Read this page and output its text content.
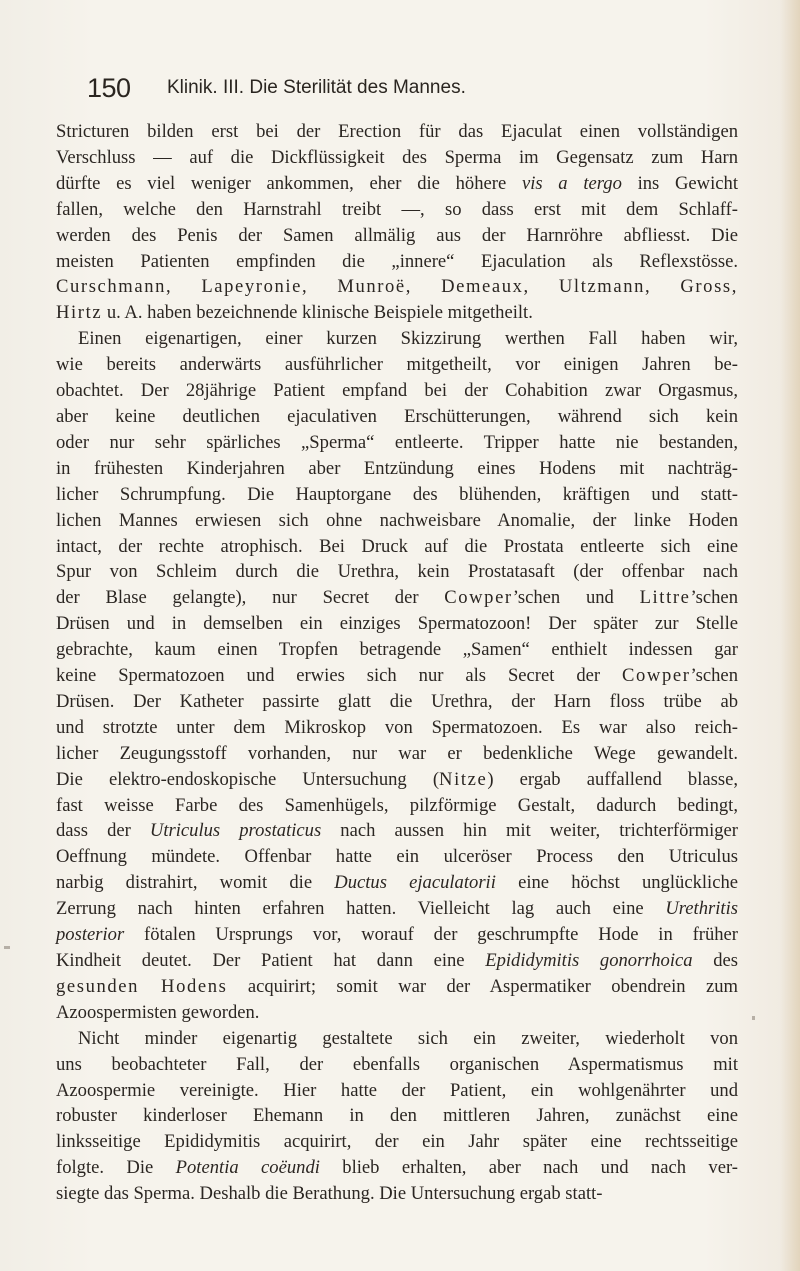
150 Klinik. III. Die Sterilität des Mannes.
Stricturen bilden erst bei der Erection für das Ejaculat einen vollständigen
Verschluss — auf die Dickflüssigkeit des Sperma im Gegensatz zum Harn
dürfte es viel weniger ankommen, eher die höhere vis a tergo ins Gewicht
fallen, welche den Harnstrahl treibt —, so dass erst mit dem Schlaff-
werden des Penis der Samen allmälig aus der Harnröhre abfliesst. Die
meisten Patienten empfinden die „innere“ Ejaculation als Reflexstösse.
Curschmann, Lapeyronie, Munroë, Demeaux, Ultzmann, Gross,
Hirtz u. A. haben bezeichnende klinische Beispiele mitgetheilt.
Einen eigenartigen, einer kurzen Skizzirung werthen Fall haben wir,
wie bereits anderwärts ausführlicher mitgetheilt, vor einigen Jahren be-
obachtet. Der 28jährige Patient empfand bei der Cohabition zwar Orgasmus,
aber keine deutlichen ejaculativen Erschütterungen, während sich kein
oder nur sehr spärliches „Sperma“ entleerte. Tripper hatte nie bestanden,
in frühesten Kinderjahren aber Entzündung eines Hodens mit nachträg-
licher Schrumpfung. Die Hauptorgane des blühenden, kräftigen und statt-
lichen Mannes erwiesen sich ohne nachweisbare Anomalie, der linke Hoden
intact, der rechte atrophisch. Bei Druck auf die Prostata entleerte sich eine
Spur von Schleim durch die Urethra, kein Prostatasaft (der offenbar nach
der Blase gelangte), nur Secret der Cowper’schen und Littre’schen
Drüsen und in demselben ein einziges Spermatozoon! Der später zur Stelle
gebrachte, kaum einen Tropfen betragende „Samen“ enthielt indessen gar
keine Spermatozoen und erwies sich nur als Secret der Cowper’schen
Drüsen. Der Katheter passirte glatt die Urethra, der Harn floss trübe ab
und strotzte unter dem Mikroskop von Spermatozoen. Es war also reich-
licher Zeugungsstoff vorhanden, nur war er bedenkliche Wege gewandelt.
Die elektro-endoskopische Untersuchung (Nitze) ergab auffallend blasse,
fast weisse Farbe des Samenhügels, pilzförmige Gestalt, dadurch bedingt,
dass der Utriculus prostaticus nach aussen hin mit weiter, trichterförmiger
Oeffnung mündete. Offenbar hatte ein ulceröser Process den Utriculus
narbig distrahirt, womit die Ductus ejaculatorii eine höchst unglückliche
Zerrung nach hinten erfahren hatten. Vielleicht lag auch eine Urethritis
posterior fötalen Ursprungs vor, worauf der geschrumpfte Hode in früher
Kindheit deutet. Der Patient hat dann eine Epididymitis gonorrhoica des
gesunden Hodens acquirirt; somit war der Aspermatiker obendrein zum
Azoospermisten geworden.
Nicht minder eigenartig gestaltete sich ein zweiter, wiederholt von
uns beobachteter Fall, der ebenfalls organischen Aspermatismus mit
Azoospermie vereinigte. Hier hatte der Patient, ein wohlgenährter und
robuster kinderloser Ehemann in den mittleren Jahren, zunächst eine
linksseitige Epididymitis acquirirt, der ein Jahr später eine rechtsseitige
folgte. Die Potentia coëundi blieb erhalten, aber nach und nach ver-
siegte das Sperma. Deshalb die Berathung. Die Untersuchung ergab statt-
